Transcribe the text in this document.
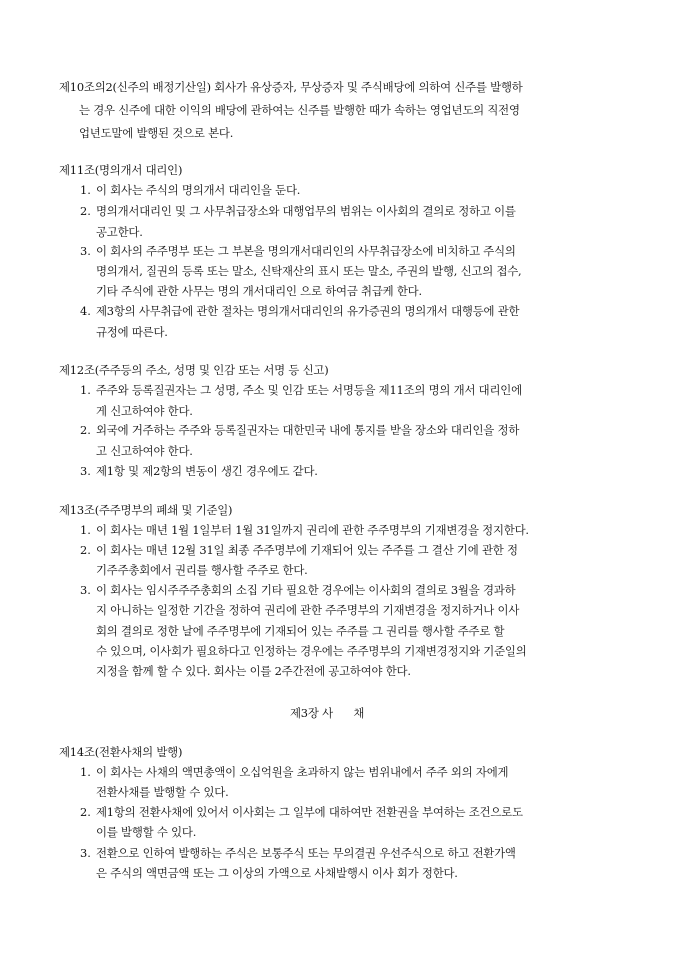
제10조의2(신주의 배정기산일) 회사가 유상증자, 무상증자 및 주식배당에 의하여 신주를 발행하
는 경우 신주에 대한 이익의 배당에 관하여는 신주를 발행한 때가 속하는 영업년도의 직전영
업년도말에 발행된 것으로 본다.
제11조(명의개서 대리인)
1. 이 회사는 주식의 명의개서 대리인을 둔다.
2. 명의개서대리인 및 그 사무취급장소와 대행업무의 범위는 이사회의 결의로 정하고 이를
공고한다.
3. 이 회사의 주주명부 또는 그 부본을 명의개서대리인의 사무취급장소에 비치하고 주식의
명의개서, 질권의 등록 또는 말소, 신탁재산의 표시 또는 말소, 주권의 발행, 신고의 접수,
기타 주식에 관한 사무는 명의 개서대리인 으로 하여금 취급케 한다.
4. 제3항의 사무취급에 관한 절차는 명의개서대리인의 유가증권의 명의개서 대행등에 관한
규정에 따른다.
제12조(주주등의 주소, 성명 및 인감 또는 서명 등 신고)
1. 주주와 등록질권자는 그 성명, 주소 및 인감 또는 서명등을 제11조의 명의 개서 대리인에
게 신고하여야 한다.
2. 외국에 거주하는 주주와 등록질권자는 대한민국 내에 통지를 받을 장소와 대리인을 정하
고 신고하여야 한다.
3. 제1항 및 제2항의 변동이 생긴 경우에도 같다.
제13조(주주명부의 폐쇄 및 기준일)
1. 이 회사는 매년 1월 1일부터 1월 31일까지 권리에 관한 주주명부의 기재변경을 정지한다.
2. 이 회사는 매년 12월 31일 최종 주주명부에 기재되어 있는 주주를 그 결산 기에 관한 정
기주주총회에서 권리를 행사할 주주로 한다.
3. 이 회사는 임시주주주총회의 소집 기타 필요한 경우에는 이사회의 결의로 3월을 경과하
지 아니하는 일정한 기간을 정하여 권리에 관한 주주명부의 기재변경을 정지하거나 이사
회의 결의로 정한 날에 주주명부에 기재되어 있는 주주를 그 권리를 행사할 주주로 할
수 있으며, 이사회가 필요하다고 인정하는 경우에는 주주명부의 기재변경정지와 기준일의
지정을 함께 할 수 있다. 회사는 이를 2주간전에 공고하여야 한다.
제3장 사      채
제14조(전환사채의 발행)
1. 이 회사는 사채의 액면총액이 오십억원을 초과하지 않는 범위내에서 주주 외의 자에게
전환사채를 발행할 수 있다.
2. 제1항의 전환사채에 있어서 이사회는 그 일부에 대하여만 전환권을 부여하는 조건으로도
이를 발행할 수 있다.
3. 전환으로 인하여 발행하는 주식은 보통주식 또는 무의결권 우선주식으로 하고 전환가액
은 주식의 액면금액 또는 그 이상의 가액으로 사채발행시 이사 회가 정한다.
